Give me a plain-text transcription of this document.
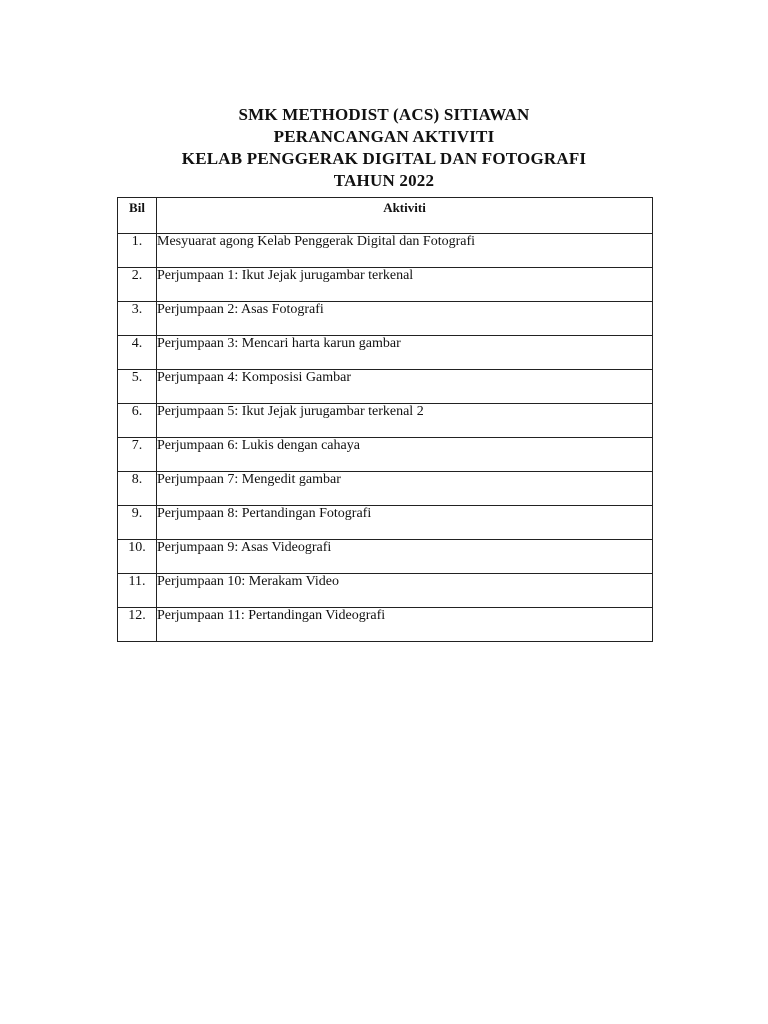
SMK METHODIST (ACS) SITIAWAN
PERANCANGAN AKTIVITI
KELAB PENGGERAK DIGITAL DAN FOTOGRAFI
TAHUN 2022
Bil	Aktiviti
1.	Mesyuarat agong Kelab Penggerak Digital dan Fotografi
2.	Perjumpaan 1: Ikut Jejak jurugambar terkenal
3.	Perjumpaan 2: Asas Fotografi
4.	Perjumpaan 3: Mencari harta karun gambar
5.	Perjumpaan 4: Komposisi Gambar
6.	Perjumpaan 5: Ikut Jejak jurugambar terkenal 2
7.	Perjumpaan 6: Lukis dengan cahaya
8.	Perjumpaan 7: Mengedit gambar
9.	Perjumpaan 8: Pertandingan Fotografi
10.	Perjumpaan 9: Asas Videografi
11.	Perjumpaan 10: Merakam Video
12.	Perjumpaan 11: Pertandingan Videografi
